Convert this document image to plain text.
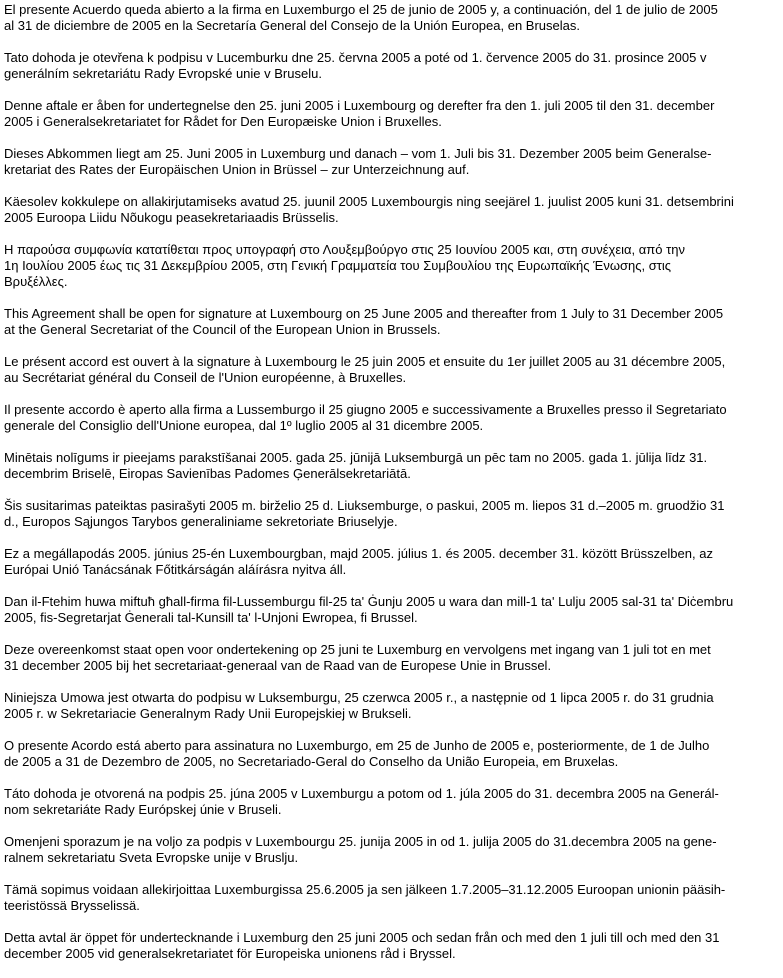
El presente Acuerdo queda abierto a la firma en Luxemburgo el 25 de junio de 2005 y, a continuación, del 1 de julio de 2005
al 31 de diciembre de 2005 en la Secretaría General del Consejo de la Unión Europea, en Bruselas.

Tato dohoda je otevřena k podpisu v Lucemburku dne 25. června 2005 a poté od 1. července 2005 do 31. prosince 2005 v
generálním sekretariátu Rady Evropské unie v Bruselu.

Denne aftale er åben for undertegnelse den 25. juni 2005 i Luxembourg og derefter fra den 1. juli 2005 til den 31. december
2005 i Generalsekretariatet for Rådet for Den Europæiske Union i Bruxelles.

Dieses Abkommen liegt am 25. Juni 2005 in Luxemburg und danach – vom 1. Juli bis 31. Dezember 2005 beim Generalse-
kretariat des Rates der Europäischen Union in Brüssel – zur Unterzeichnung auf.

Käesolev kokkulepe on allakirjutamiseks avatud 25. juunil 2005 Luxembourgis ning seejärel 1. juulist 2005 kuni 31. detsembrini
2005 Euroopa Liidu Nõukogu peasekretariaadis Brüsselis.

Η παρούσα συμφωνία κατατίθεται προς υπογραφή στο Λουξεμβούργο στις 25 Ιουνίου 2005 και, στη συνέχεια, από την
1η Ιουλίου 2005 έως τις 31 Δεκεμβρίου 2005, στη Γενική Γραμματεία του Συμβουλίου της Ευρωπαϊκής Ένωσης, στις
Βρυξέλλες.

This Agreement shall be open for signature at Luxembourg on 25 June 2005 and thereafter from 1 July to 31 December 2005
at the General Secretariat of the Council of the European Union in Brussels.

Le présent accord est ouvert à la signature à Luxembourg le 25 juin 2005 et ensuite du 1er juillet 2005 au 31 décembre 2005,
au Secrétariat général du Conseil de l'Union européenne, à Bruxelles.

Il presente accordo è aperto alla firma a Lussemburgo il 25 giugno 2005 e successivamente a Bruxelles presso il Segretariato
generale del Consiglio dell'Unione europea, dal 1º luglio 2005 al 31 dicembre 2005.

Minētais nolīgums ir pieejams parakstīšanai 2005. gada 25. jūnijā Luksemburgā un pēc tam no 2005. gada 1. jūlija līdz 31.
decembrim Briselē, Eiropas Savienības Padomes Ģenerālsekretariātā.

Šis susitarimas pateiktas pasirašyti 2005 m. birželio 25 d. Liuksemburge, o paskui, 2005 m. liepos 31 d.–2005 m. gruodžio 31
d., Europos Sąjungos Tarybos generaliniame sekretoriate Briuselyje.

Ez a megállapodás 2005. június 25-én Luxembourgban, majd 2005. július 1. és 2005. december 31. között Brüsszelben, az
Európai Unió Tanácsának Főtitkárságán aláírásra nyitva áll.

Dan il-Ftehim huwa miftuħ għall-firma fil-Lussemburgu fil-25 ta' Ġunju 2005 u wara dan mill-1 ta' Lulju 2005 sal-31 ta' Diċembru
2005, fis-Segretarjat Ġenerali tal-Kunsill ta' l-Unjoni Ewropea, fi Brussel.

Deze overeenkomst staat open voor ondertekening op 25 juni te Luxemburg en vervolgens met ingang van 1 juli tot en met
31 december 2005 bij het secretariaat-generaal van de Raad van de Europese Unie in Brussel.

Niniejsza Umowa jest otwarta do podpisu w Luksemburgu, 25 czerwca 2005 r., a następnie od 1 lipca 2005 r. do 31 grudnia
2005 r. w Sekretariacie Generalnym Rady Unii Europejskiej w Brukseli.

O presente Acordo está aberto para assinatura no Luxemburgo, em 25 de Junho de 2005 e, posteriormente, de 1 de Julho
de 2005 a 31 de Dezembro de 2005, no Secretariado-Geral do Conselho da União Europeia, em Bruxelas.

Táto dohoda je otvorená na podpis 25. júna 2005 v Luxemburgu a potom od 1. júla 2005 do 31. decembra 2005 na Generál-
nom sekretariáte Rady Európskej únie v Bruseli.

Omenjeni sporazum je na voljo za podpis v Luxembourgu 25. junija 2005 in od 1. julija 2005 do 31.decembra 2005 na gene-
ralnem sekretariatu Sveta Evropske unije v Bruslju.

Tämä sopimus voidaan allekirjoittaa Luxemburgissa 25.6.2005 ja sen jälkeen 1.7.2005–31.12.2005 Euroopan unionin pääsih-
teeristössä Brysselissä.

Detta avtal är öppet för undertecknande i Luxemburg den 25 juni 2005 och sedan från och med den 1 juli till och med den 31
december 2005 vid generalsekretariatet för Europeiska unionens råd i Bryssel.
